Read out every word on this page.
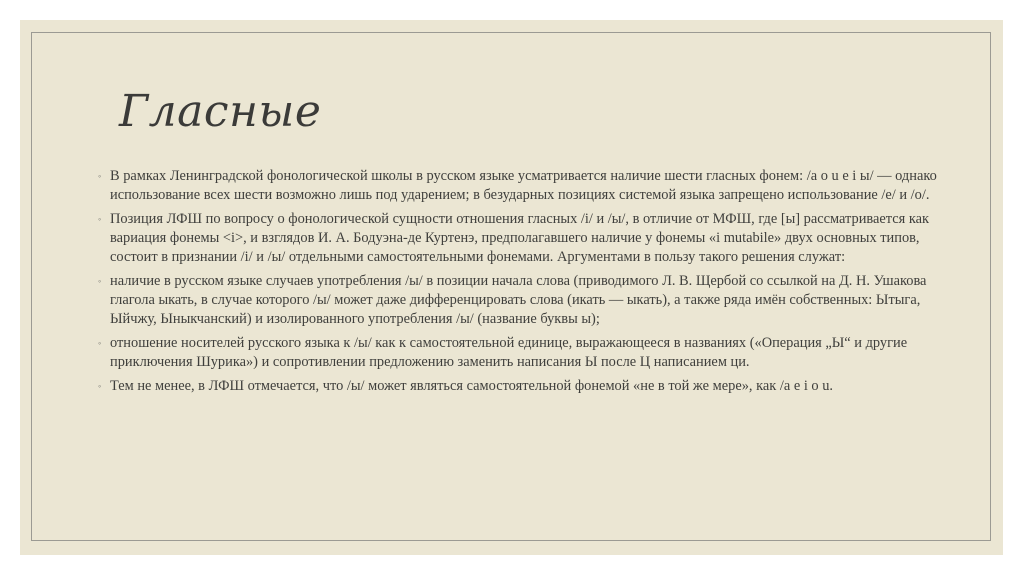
Гласные
◦ В рамках Ленинградской фонологической школы в русском языке усматривается наличие шести гласных фонем: /а о u е i ы/ — однако использование всех шести возможно лишь под ударением; в безударных позициях системой языка запрещено использование /е/ и /о/.
◦ Позиция ЛФШ по вопросу о фонологической сущности отношения гласных /i/ и /ы/, в отличие от МФШ, где [ы] рассматривается как вариация фонемы <i>, и взглядов И. А. Бодуэна-де Куртенэ, предполагавшего наличие у фонемы «i mutabile» двух основных типов, состоит в признании /i/ и /ы/ отдельными самостоятельными фонемами. Аргументами в пользу такого решения служат:
◦ наличие в русском языке случаев употребления /ы/ в позиции начала слова (приводимого Л. В. Щербой со ссылкой на Д. Н. Ушакова глагола ыкать, в случае которого /ы/ может даже дифференцировать слова (икать — ыкать), а также ряда имён собственных: Ытыга, Ыйчжу, Ыныкчанский) и изолированного употребления /ы/ (название буквы ы);
◦ отношение носителей русского языка к /ы/ как к самостоятельной единице, выражающееся в названиях («Операция „Ы“ и другие приключения Шурика») и сопротивлении предложению заменить написания Ы после Ц написанием ци.
◦ Тем не менее, в ЛФШ отмечается, что /ы/ может являться самостоятельной фонемой «не в той же мере», как /а е i о u.
